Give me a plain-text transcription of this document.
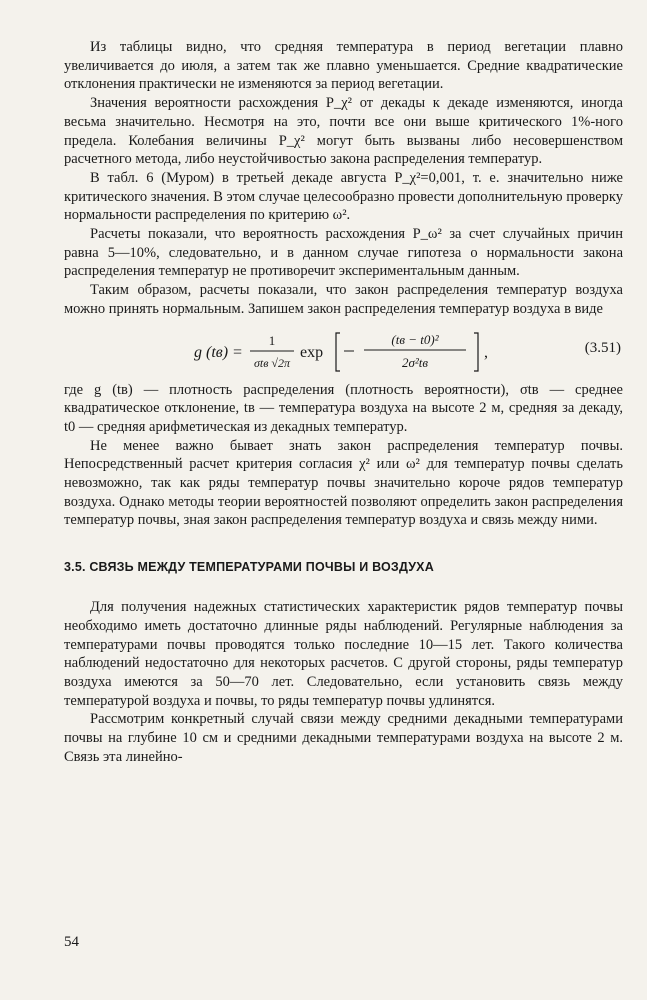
Из таблицы видно, что средняя температура в период вегетации плавно увеличивается до июля, а затем так же плавно уменьшается. Средние квадратические отклонения практически не изменяются за период вегетации.

Значения вероятности расхождения P_χ² от декады к декаде изменяются, иногда весьма значительно. Несмотря на это, почти все они выше критического 1%-ного предела. Колебания величины P_χ² могут быть вызваны либо несовершенством расчетного метода, либо неустойчивостью закона распределения температур.

В табл. 6 (Муром) в третьей декаде августа P_χ²=0,001, т. е. значительно ниже критического значения. В этом случае целесообразно провести дополнительную проверку нормальности распределения по критерию ω².

Расчеты показали, что вероятность расхождения P_ω² за счет случайных причин равна 5—10%, следовательно, и в данном случае гипотеза о нормальности закона распределения температур не противоречит экспериментальным данным.

Таким образом, расчеты показали, что закон распределения температур воздуха можно принять нормальным. Запишем закон распределения температур воздуха в виде

g (tв) =
1
σtв √2π
exp
(tв − t0)²
2σ²tв
,	(3.51)

где g (tв) — плотность распределения (плотность вероятности), σtв — среднее квадратическое отклонение, tв — температура воздуха на высоте 2 м, средняя за декаду, t0 — средняя арифметическая из декадных температур.

Не менее важно бывает знать закон распределения температур почвы. Непосредственный расчет критерия согласия χ² или ω² для температур почвы сделать невозможно, так как ряды температур почвы значительно короче рядов температур воздуха. Однако методы теории вероятностей позволяют определить закон распределения температур почвы, зная закон распределения температур воздуха и связь между ними.

3.5. СВЯЗЬ МЕЖДУ ТЕМПЕРАТУРАМИ ПОЧВЫ И ВОЗДУХА

Для получения надежных статистических характеристик рядов температур почвы необходимо иметь достаточно длинные ряды наблюдений. Регулярные наблюдения за температурами почвы проводятся только последние 10—15 лет. Такого количества наблюдений недостаточно для некоторых расчетов. С другой стороны, ряды температур воздуха имеются за 50—70 лет. Следовательно, если установить связь между температурой воздуха и почвы, то ряды температур почвы удлинятся.

Рассмотрим конкретный случай связи между средними декадными температурами почвы на глубине 10 см и средними декадными температурами воздуха на высоте 2 м. Связь эта линейно-

54
